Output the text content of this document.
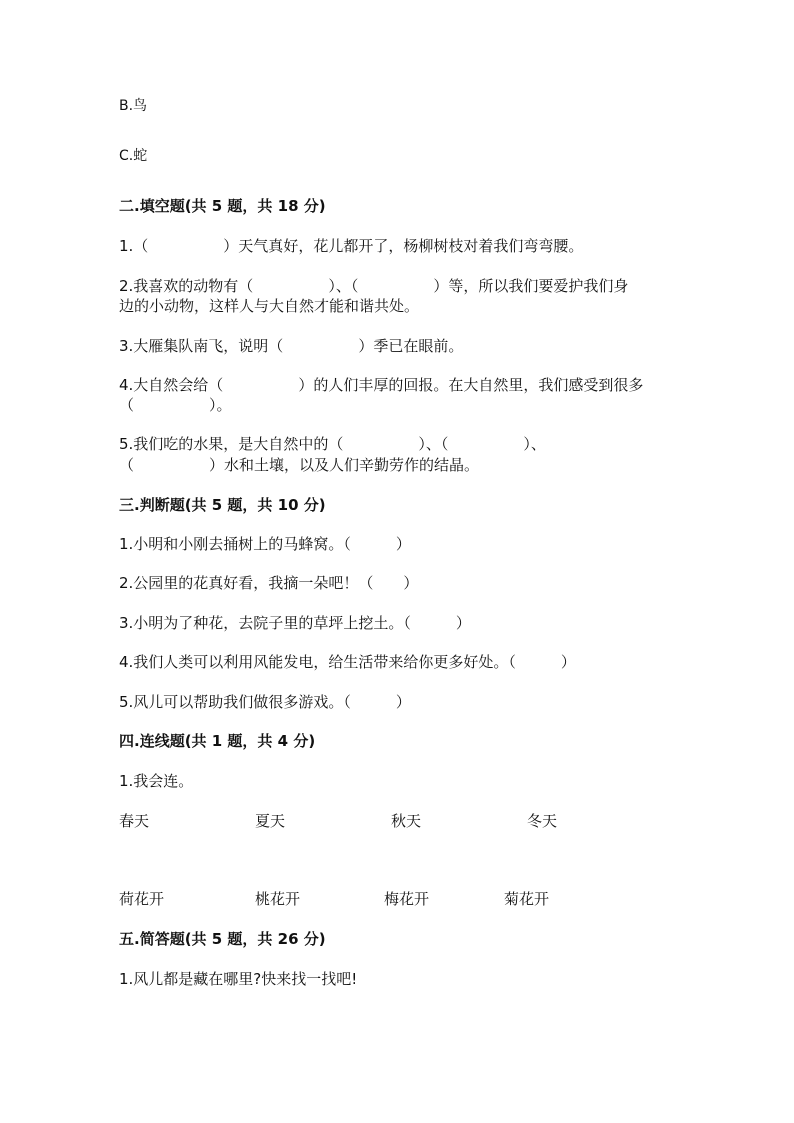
B.鸟
C.蛇
二.填空题(共 5 题，共 18 分)
1.（　　　　　）天气真好，花儿都开了，杨柳树枝对着我们弯弯腰。
2.我喜欢的动物有（　　　　　）、（　　　　　）等，所以我们要爱护我们身
边的小动物，这样人与大自然才能和谐共处。
3.大雁集队南飞，说明（　　　　　）季已在眼前。
4.大自然会给（　　　　　）的人们丰厚的回报。在大自然里，我们感受到很多
（　　　　　）。
5.我们吃的水果，是大自然中的（　　　　　）、（　　　　　）、
（　　　　　）水和土壤，以及人们辛勤劳作的结晶。
三.判断题(共 5 题，共 10 分)
1.小明和小刚去捅树上的马蜂窝。（　　　）
2.公园里的花真好看，我摘一朵吧！（　　）
3.小明为了种花，去院子里的草坪上挖土。（　　　）
4.我们人类可以利用风能发电，给生活带来给你更多好处。（　　　）
5.风儿可以帮助我们做很多游戏。（　　　）
四.连线题(共 1 题，共 4 分)
1.我会连。
春天	夏天	秋天	冬天
荷花开	桃花开	梅花开	菊花开
五.简答题(共 5 题，共 26 分)
1.风儿都是藏在哪里?快来找一找吧!
